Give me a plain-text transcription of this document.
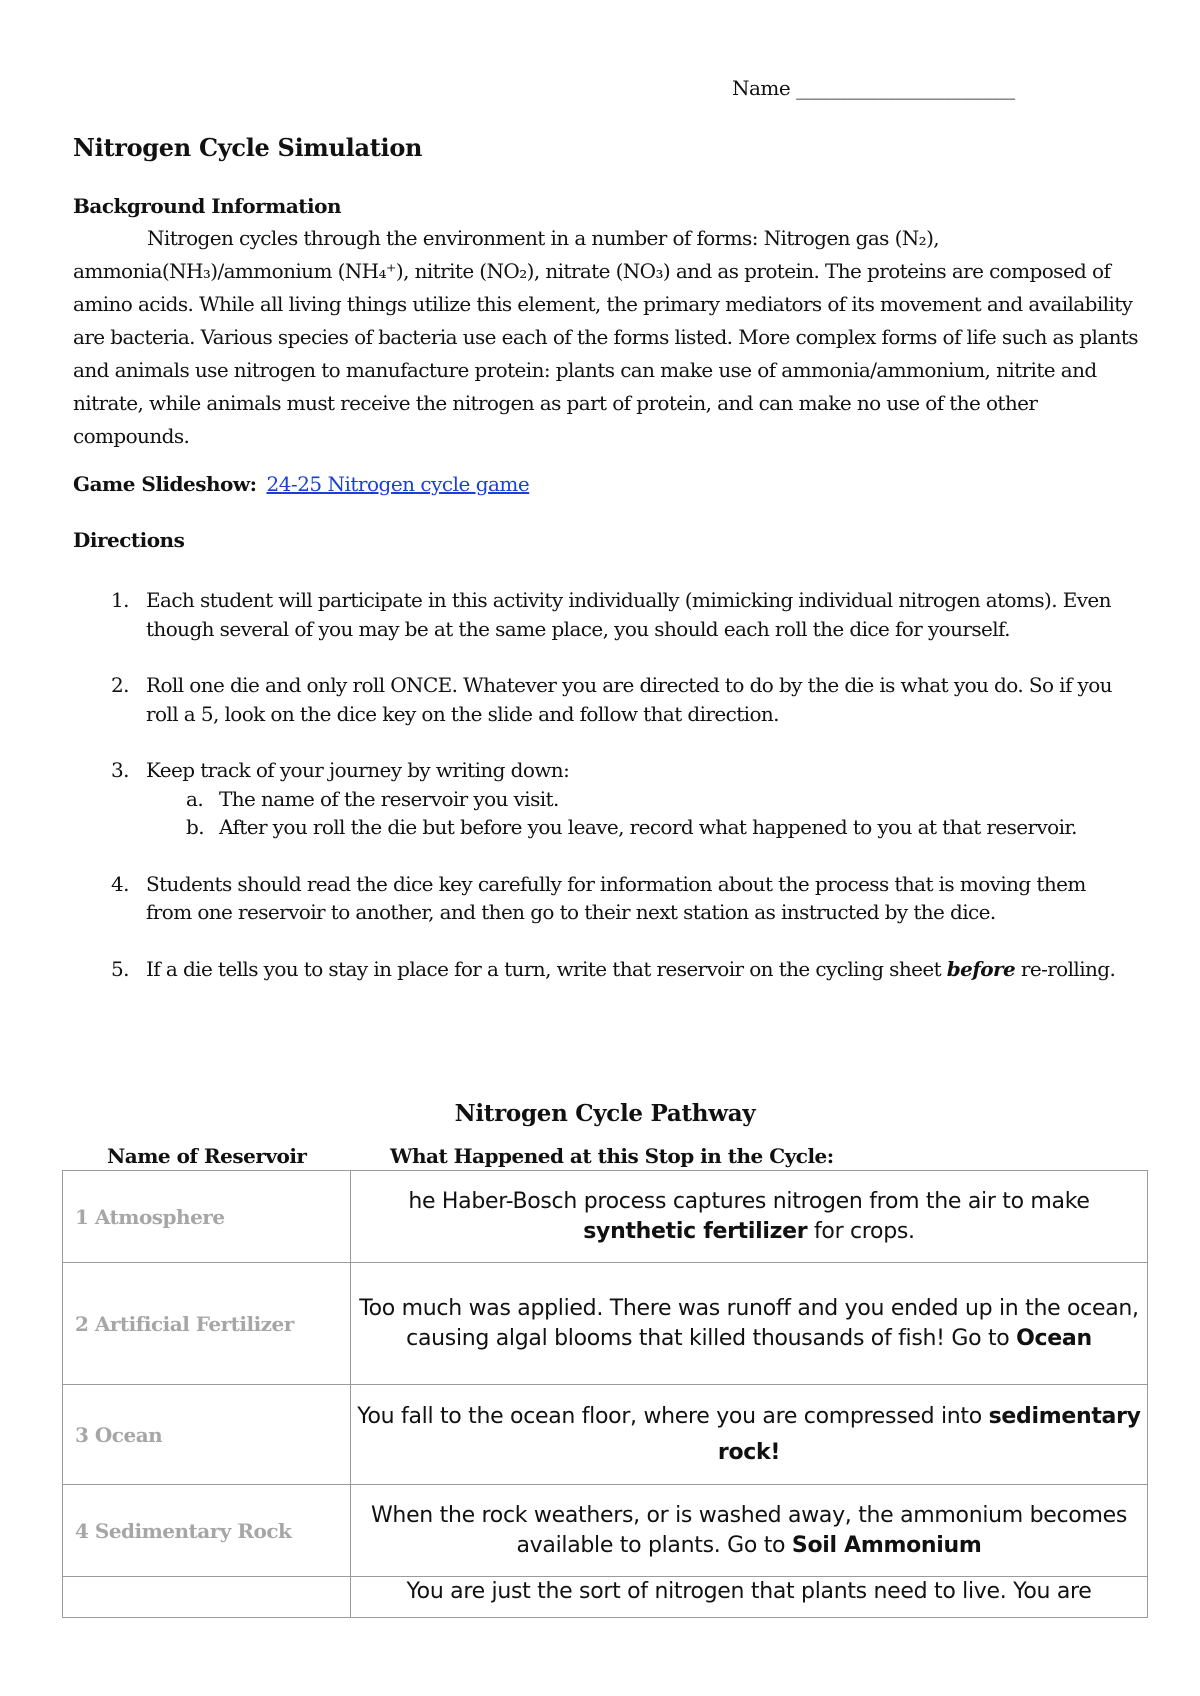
Name _______________________
Nitrogen Cycle Simulation
Background Information

Nitrogen cycles through the environment in a number of forms: Nitrogen gas (N₂), ammonia(NH₃)/ammonium (NH₄⁺), nitrite (NO₂), nitrate (NO₃) and as protein. The proteins are composed of amino acids. While all living things utilize this element, the primary mediators of its movement and availability are bacteria. Various species of bacteria use each of the forms listed. More complex forms of life such as plants and animals use nitrogen to manufacture protein: plants can make use of ammonia/ammonium, nitrite and nitrate, while animals must receive the nitrogen as part of protein, and can make no use of the other compounds.

Game Slideshow: 24-25 Nitrogen cycle game
Directions
1. Each student will participate in this activity individually (mimicking individual nitrogen atoms). Even though several of you may be at the same place, you should each roll the dice for yourself.
2. Roll one die and only roll ONCE. Whatever you are directed to do by the die is what you do. So if you roll a 5, look on the dice key on the slide and follow that direction.
3. Keep track of your journey by writing down:
a. The name of the reservoir you visit.
b. After you roll the die but before you leave, record what happened to you at that reservoir.
4. Students should read the dice key carefully for information about the process that is moving them from one reservoir to another, and then go to their next station as instructed by the dice.
5. If a die tells you to stay in place for a turn, write that reservoir on the cycling sheet before re-rolling.
Nitrogen Cycle Pathway
Name of Reservoir	What Happened at this Stop in the Cycle:
1 Atmosphere	he Haber-Bosch process captures nitrogen from the air to make synthetic fertilizer for crops.
2 Artificial Fertilizer	Too much was applied. There was runoff and you ended up in the ocean, causing algal blooms that killed thousands of fish! Go to Ocean
3 Ocean	You fall to the ocean floor, where you are compressed into sedimentary rock!
4 Sedimentary Rock	When the rock weathers, or is washed away, the ammonium becomes available to plants. Go to Soil Ammonium
	You are just the sort of nitrogen that plants need to live. You are
